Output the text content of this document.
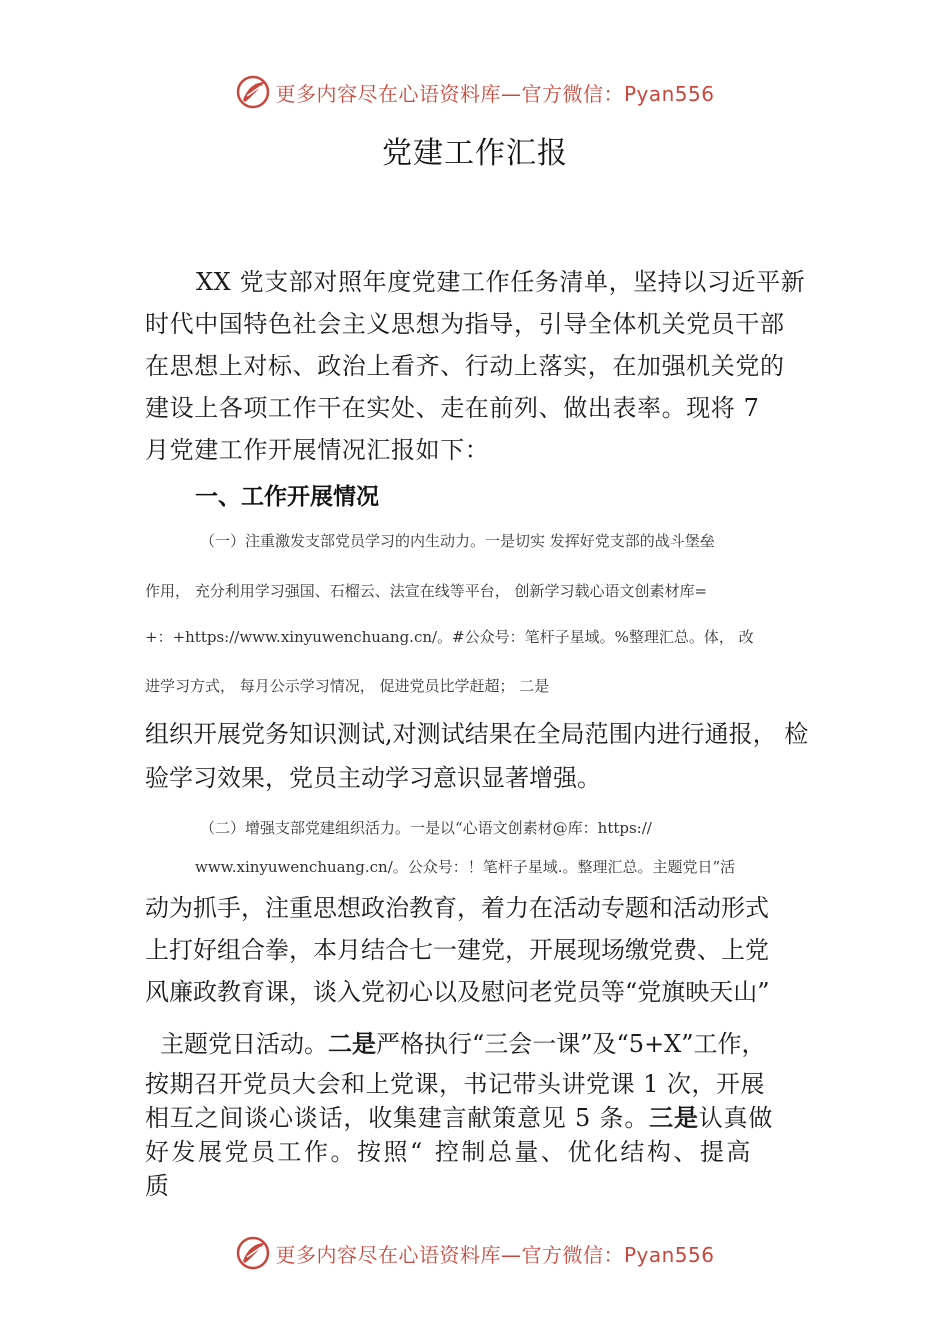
更多内容尽在心语资料库—官方微信：Pyan556
党建工作汇报
XX 党支部对照年度党建工作任务清单，坚持以习近平新
时代中国特色社会主义思想为指导，引导全体机关党员干部
在思想上对标、政治上看齐、行动上落实，在加强机关党的
建设上各项工作干在实处、走在前列、做出表率。现将 7
月党建工作开展情况汇报如下：
一、工作开展情况
（一）注重激发支部党员学习的内生动力。一是切实 发挥好党支部的战斗堡垒
作用， 充分利用学习强国、石榴云、法宣在线等平台， 创新学习载心语文创素材库=
+：+https://www.xinyuwenchuang.cn/。#公众号：笔杆子星域。%整理汇总。体， 改
进学习方式， 每月公示学习情况， 促进党员比学赶超； 二是
组织开展党务知识测试,对测试结果在全局范围内进行通报， 检
验学习效果，党员主动学习意识显著增强。
（二）增强支部党建组织活力。一是以“心语文创素材@库：https://
www.xinyuwenchuang.cn/。公众号：！笔杆子星域.。整理汇总。主题党日”活
动为抓手，注重思想政治教育，着力在活动专题和活动形式
上打好组合拳，本月结合七一建党，开展现场缴党费、上党
风廉政教育课，谈入党初心以及慰问老党员等“党旗映天山”
主题党日活动。二是严格执行“三会一课”及“5+X”工作，
按期召开党员大会和上党课，书记带头讲党课 1 次，开展
相互之间谈心谈话，收集建言献策意见 5 条。三是认真做
好发展党员工作。按照“ 控制总量、优化结构、提高
质
更多内容尽在心语资料库—官方微信：Pyan556
